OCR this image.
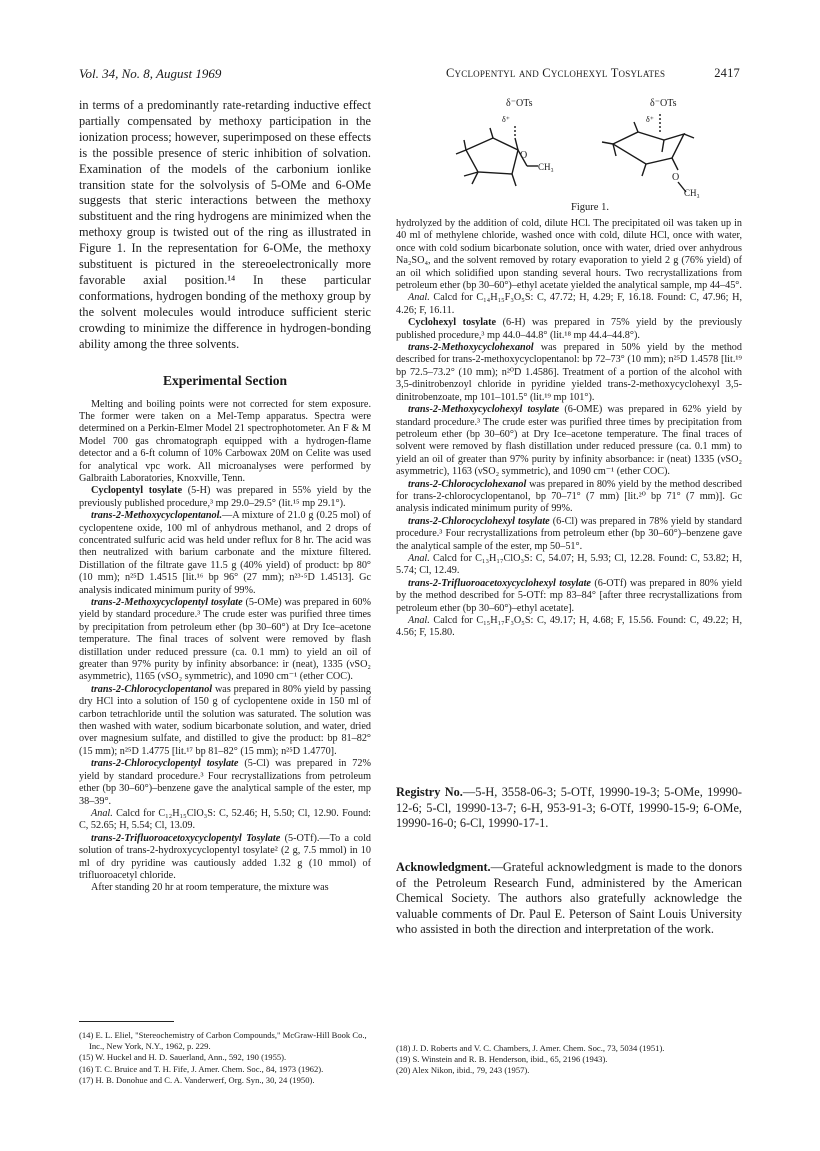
Vol. 34, No. 8, August 1969	Cyclopentyl and Cyclohexyl Tosylates	2417
δ⁻OTs
δ⁺
O
CH₃
δ⁻OTs
δ⁺
O
CH₃
Figure 1.

in terms of a predominantly rate-retarding inductive effect partially compensated by methoxy participation in the ionization process; however, superimposed on these effects is the possible presence of steric inhibition of solvation. Examination of the models of the carbonium ionlike transition state for the solvolysis of 5-OMe and 6-OMe suggests that steric interactions between the methoxy substituent and the ring hydrogens are minimized when the methoxy group is twisted out of the ring as illustrated in Figure 1. In the representation for 6-OMe, the methoxy substituent is pictured in the stereoelectronically more favorable axial position.¹⁴ In these particular conformations, hydrogen bonding of the methoxy group by the solvent molecules would introduce sufficient steric crowding to minimize the difference in hydrogen-bonding ability among the three solvents.

Experimental Section

Melting and boiling points were not corrected for stem exposure. The former were taken on a Mel-Temp apparatus. Spectra were determined on a Perkin-Elmer Model 21 spectrophotometer. An F & M Model 700 gas chromatograph equipped with a hydrogen-flame detector and a 6-ft column of 10% Carbowax 20M on Celite was used for analytical vpc work. All microanalyses were performed by Galbraith Laboratories, Knoxville, Tenn.

Cyclopentyl tosylate (5-H) was prepared in 55% yield by the previously published procedure,³ mp 29.0–29.5° (lit.¹⁵ mp 29.1°).

trans-2-Methoxycyclopentanol.—A mixture of 21.0 g (0.25 mol) of cyclopentene oxide, 100 ml of anhydrous methanol, and 2 drops of concentrated sulfuric acid was held under reflux for 8 hr. The acid was then neutralized with barium carbonate and the mixture filtered. Distillation of the filtrate gave 11.5 g (40% yield) of product: bp 80° (10 mm); n²⁵D 1.4515 [lit.¹⁶ bp 96° (27 mm); n²³·⁵D 1.4513]. Gc analysis indicated minimum purity of 99%.

trans-2-Methoxycyclopentyl tosylate (5-OMe) was prepared in 60% yield by standard procedure.³ The crude ester was purified three times by precipitation from petroleum ether (bp 30–60°) at Dry Ice–acetone temperature. The final traces of solvent were removed by flash distillation under reduced pressure (ca. 0.1 mm) to yield an oil of greater than 97% purity by infinity absorbance: ir (neat), 1335 (νSO₂ asymmetric), 1165 (νSO₂ symmetric), and 1090 cm⁻¹ (ether COC).

trans-2-Chlorocyclopentanol was prepared in 80% yield by passing dry HCl into a solution of 150 g of cyclopentene oxide in 150 ml of carbon tetrachloride until the solution was saturated. The solution was then washed with water, sodium bicarbonate solution, and water, dried over magnesium sulfate, and distilled to give the product: bp 81–82° (15 mm); n²⁵D 1.4775 [lit.¹⁷ bp 81–82° (15 mm); n²⁵D 1.4770].

trans-2-Chlorocyclopentyl tosylate (5-Cl) was prepared in 72% yield by standard procedure.³ Four recrystallizations from petroleum ether (bp 30–60°)–benzene gave the analytical sample of the ester, mp 38–39°.

Anal. Calcd for C₁₂H₁₅ClO₃S: C, 52.46; H, 5.50; Cl, 12.90. Found: C, 52.65; H, 5.54; Cl, 13.09.

trans-2-Trifluoroacetoxycyclopentyl Tosylate (5-OTf).—To a cold solution of trans-2-hydroxycyclopentyl tosylate² (2 g, 7.5 mmol) in 10 ml of dry pyridine was cautiously added 1.32 g (10 mmol) of trifluoroacetyl chloride.

After standing 20 hr at room temperature, the mixture was

hydrolyzed by the addition of cold, dilute HCl. The precipitated oil was taken up in 40 ml of methylene chloride, washed once with cold, dilute HCl, once with water, once with cold sodium bicarbonate solution, once with water, dried over anhydrous Na₂SO₄, and the solvent removed by rotary evaporation to yield 2 g (76% yield) of an oil which solidified upon standing several hours. Two recrystallizations from petroleum ether (bp 30–60°)–ethyl acetate yielded the analytical sample, mp 44–45°.

Anal. Calcd for C₁₄H₁₅F₃O₅S: C, 47.72; H, 4.29; F, 16.18. Found: C, 47.96; H, 4.26; F, 16.11.

Cyclohexyl tosylate (6-H) was prepared in 75% yield by the previously published procedure,³ mp 44.0–44.8° (lit.¹⁸ mp 44.4–44.8°).

trans-2-Methoxycyclohexanol was prepared in 50% yield by the method described for trans-2-methoxycyclopentanol: bp 72–73° (10 mm); n²⁵D 1.4578 [lit.¹⁹ bp 72.5–73.2° (10 mm); n²⁰D 1.4586]. Treatment of a portion of the alcohol with 3,5-dinitrobenzoyl chloride in pyridine yielded trans-2-methoxycyclohexyl 3,5-dinitrobenzoate, mp 101–101.5° (lit.¹⁹ mp 101°).

trans-2-Methoxycyclohexyl tosylate (6-OME) was prepared in 62% yield by standard procedure.³ The crude ester was purified three times by precipitation from petroleum ether (bp 30–60°) at Dry Ice–acetone temperature. The final traces of solvent were removed by flash distillation under reduced pressure (ca. 0.1 mm) to yield an oil of greater than 97% purity by infinity absorbance: ir (neat) 1335 (νSO₂ asymmetric), 1163 (νSO₂ symmetric), and 1090 cm⁻¹ (ether COC).

trans-2-Chlorocyclohexanol was prepared in 80% yield by the method described for trans-2-chlorocyclopentanol, bp 70–71° (7 mm) [lit.²⁰ bp 71° (7 mm)]. Gc analysis indicated minimum purity of 99%.

trans-2-Chlorocyclohexyl tosylate (6-Cl) was prepared in 78% yield by standard procedure.³ Four recrystallizations from petroleum ether (bp 30–60°)–benzene gave the analytical sample of the ester, mp 50–51°.

Anal. Calcd for C₁₃H₁₇ClO₃S: C, 54.07; H, 5.93; Cl, 12.28. Found: C, 53.82; H, 5.74; Cl, 12.49.

trans-2-Trifluoroacetoxycyclohexyl tosylate (6-OTf) was prepared in 80% yield by the method described for 5-OTf: mp 83–84° [after three recrystallizations from petroleum ether (bp 30–60°)–ethyl acetate].

Anal. Calcd for C₁₅H₁₇F₃O₅S: C, 49.17; H, 4.68; F, 15.56. Found: C, 49.22; H, 4.56; F, 15.80.

Registry No.—5-H, 3558-06-3; 5-OTf, 19990-19-3; 5-OMe, 19990-12-6; 5-Cl, 19990-13-7; 6-H, 953-91-3; 6-OTf, 19990-15-9; 6-OMe, 19990-16-0; 6-Cl, 19990-17-1.
Acknowledgment.—Grateful acknowledgment is made to the donors of the Petroleum Research Fund, administered by the American Chemical Society. The authors also gratefully acknowledge the valuable comments of Dr. Paul E. Peterson of Saint Louis University who assisted in both the direction and interpretation of the work.
(14) E. L. Eliel, "Stereochemistry of Carbon Compounds," McGraw-Hill Book Co., Inc., New York, N.Y., 1962, p. 229.
(15) W. Huckel and H. D. Sauerland, Ann., 592, 190 (1955).
(16) T. C. Bruice and T. H. Fife, J. Amer. Chem. Soc., 84, 1973 (1962).
(17) H. B. Donohue and C. A. Vanderwerf, Org. Syn., 30, 24 (1950).
(18) J. D. Roberts and V. C. Chambers, J. Amer. Chem. Soc., 73, 5034 (1951).
(19) S. Winstein and R. B. Henderson, ibid., 65, 2196 (1943).
(20) Alex Nikon, ibid., 79, 243 (1957).
